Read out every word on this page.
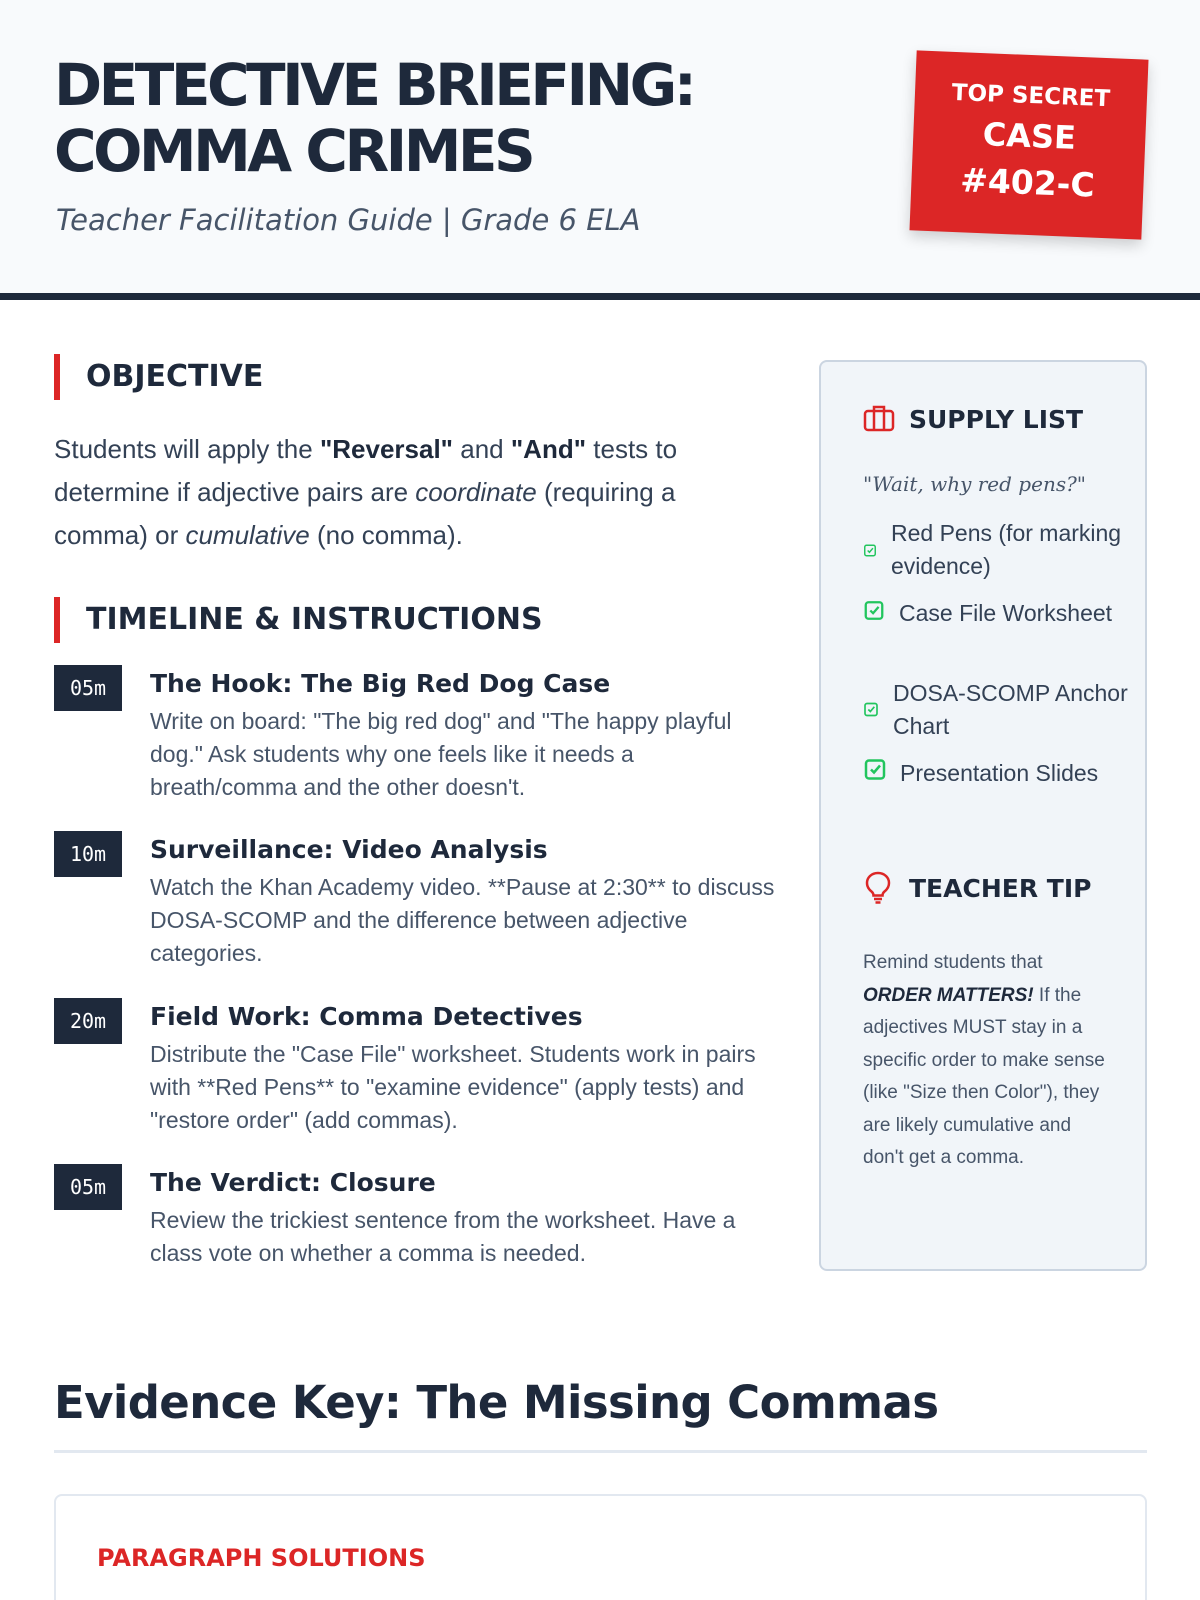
DETECTIVE BRIEFING: COMMA CRIMES
Teacher Facilitation Guide | Grade 6 ELA
TOP SECRET
CASE
#402-C
OBJECTIVE

Students will apply the "Reversal" and "And" tests to determine if adjective pairs are coordinate (requiring a comma) or cumulative (no comma).

TIMELINE & INSTRUCTIONS
05m	The Hook: The Big Red Dog Case
Write on board: "The big red dog" and "The happy playful dog." Ask students why one feels like it needs a breath/comma and the other doesn't.
10m	Surveillance: Video Analysis
Watch the Khan Academy video. **Pause at 2:30** to discuss DOSA-SCOMP and the difference between adjective categories.
20m	Field Work: Comma Detectives
Distribute the "Case File" worksheet. Students work in pairs with **Red Pens** to "examine evidence" (apply tests) and "restore order" (add commas).
05m	The Verdict: Closure
Review the trickiest sentence from the worksheet. Have a class vote on whether a comma is needed.
SUPPLY LIST
"Wait, why red pens?"
Red Pens (for marking evidence)
Case File Worksheet
DOSA-SCOMP Anchor Chart
Presentation Slides
TEACHER TIP

Remind students that ORDER MATTERS! If the adjectives MUST stay in a specific order to make sense (like "Size then Color"), they are likely cumulative and don't get a comma.

Evidence Key: The Missing Commas
PARAGRAPH SOLUTIONS
